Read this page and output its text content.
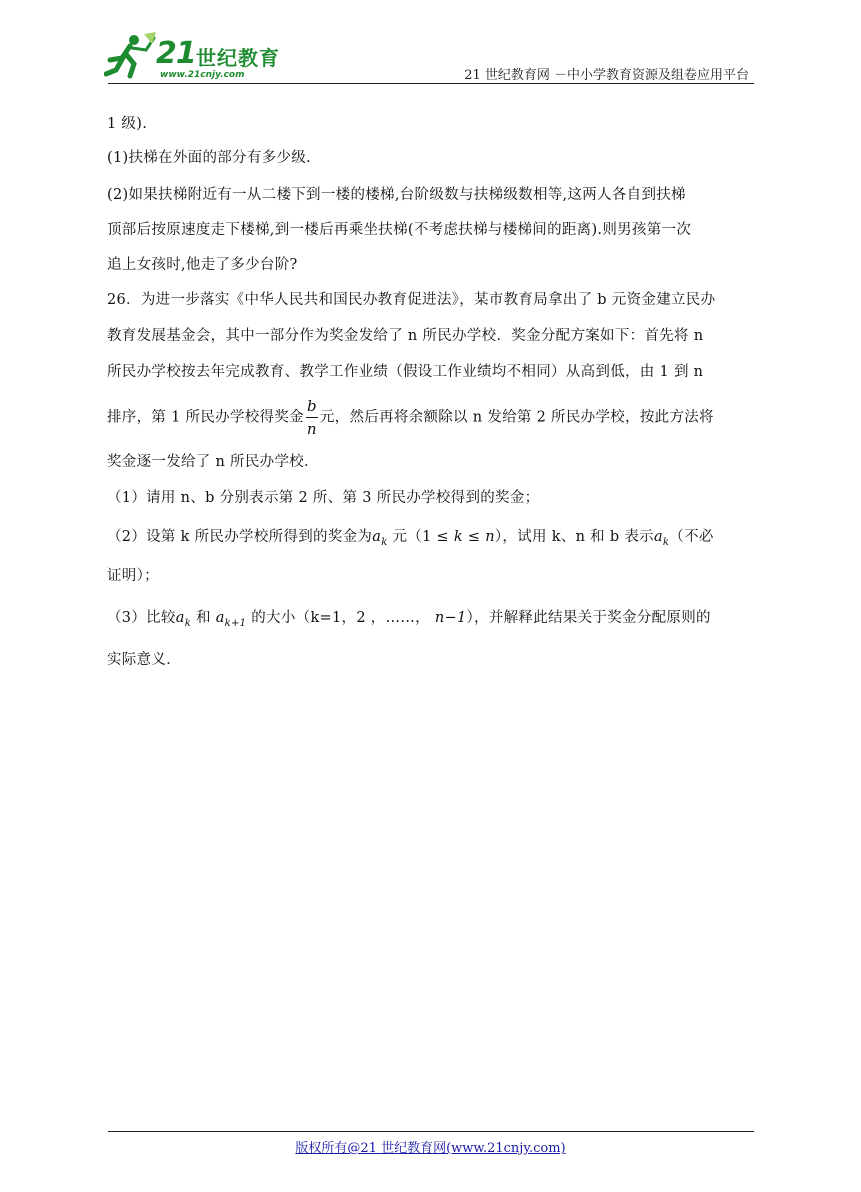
21 世纪教育
www.21cnjy.com	21 世纪教育网 －中小学教育资源及组卷应用平台
1 级).
(1)扶梯在外面的部分有多少级.
(2)如果扶梯附近有一从二楼下到一楼的楼梯,台阶级数与扶梯级数相等,这两人各自到扶梯
顶部后按原速度走下楼梯,到一楼后再乘坐扶梯(不考虑扶梯与楼梯间的距离).则男孩第一次
追上女孩时,他走了多少台阶?
26．为进一步落实《中华人民共和国民办教育促进法》，某市教育局拿出了 b 元资金建立民办
教育发展基金会，其中一部分作为奖金发给了 n 所民办学校．奖金分配方案如下：首先将 n
所民办学校按去年完成教育、教学工作业绩（假设工作业绩均不相同）从高到低，由 1 到 n
排序，第 1 所民办学校得奖金 $\frac{b}{n}$ 元，然后再将余额除以 n 发给第 2 所民办学校，按此方法将
奖金逐一发给了 n 所民办学校．
（1）请用 n、b 分别表示第 2 所、第 3 所民办学校得到的奖金；
（2）设第 k 所民办学校所得到的奖金为$a_k$ 元（1 ≤ k ≤ n），试用 k、n 和 b 表示$a_k$（不必
证明）；
（3）比较$a_k$ 和 $a_{k+1}$ 的大小（k=1，2 ，……， n−1），并解释此结果关于奖金分配原则的
实际意义．
版权所有@21 世纪教育网(www.21cnjy.com)
